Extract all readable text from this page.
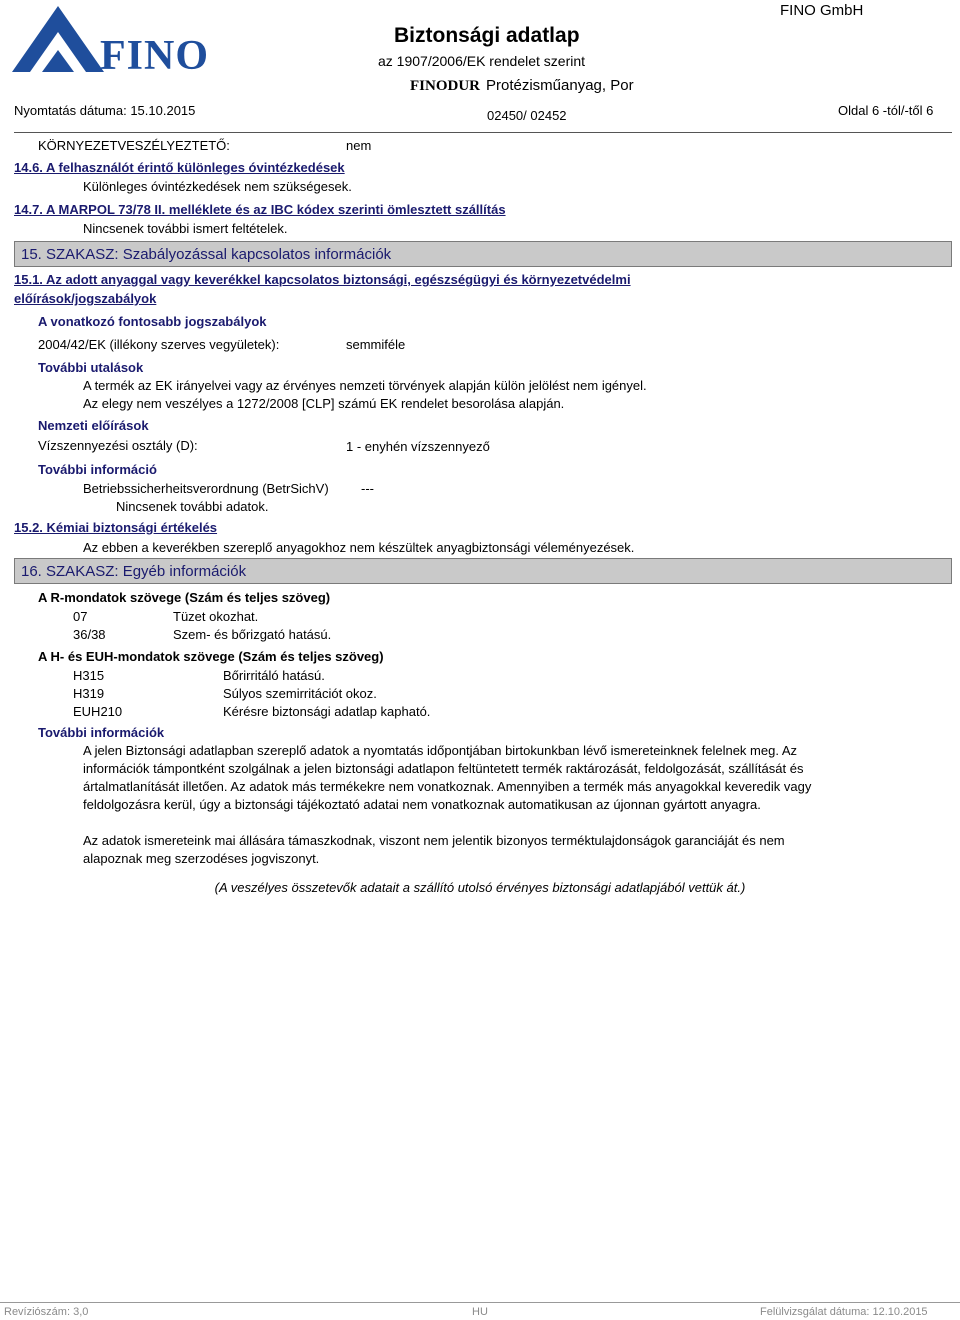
FINO	Biztonsági adatlap
az 1907/2006/EK rendelet szerint
FINO GmbH
FINODUR Protézisműanyag, Por
Nyomtatás dátuma: 15.10.2015	02450/ 02452	Oldal 6 -tól/-től 6
KÖRNYEZETVESZÉLYEZTETŐ:	nem
14.6. A felhasználót érintő különleges óvintézkedések
Különleges óvintézkedések nem szükségesek.
14.7. A MARPOL 73/78 II. melléklete és az IBC kódex szerinti ömlesztett szállítás
Nincsenek további ismert feltételek.
15. SZAKASZ: Szabályozással kapcsolatos információk
15.1. Az adott anyaggal vagy keverékkel kapcsolatos biztonsági, egészségügyi és környezetvédelmi
előírások/jogszabályok
A vonatkozó fontosabb jogszabályok
2004/42/EK (illékony szerves vegyületek):	semmiféle
További utalások
A termék az EK irányelvei vagy az érvényes nemzeti törvények alapján külön jelölést nem igényel.
Az elegy nem veszélyes a 1272/2008 [CLP] számú EK rendelet besorolása alapján.
Nemzeti előírások
Vízszennyezési osztály (D):	1 - enyhén vízszennyező
További információ
Betriebssicherheitsverordnung (BetrSichV) ---
Nincsenek további adatok.
15.2. Kémiai biztonsági értékelés
Az ebben a keverékben szereplő anyagokhoz nem készültek anyagbiztonsági véleményezések.
16. SZAKASZ: Egyéb információk
A R-mondatok szövege (Szám és teljes szöveg)
07	Tüzet okozhat.
36/38	Szem- és bőrizgató hatású.
A H- és EUH-mondatok szövege (Szám és teljes szöveg)
H315	Bőrirritáló hatású.
H319	Súlyos szemirritációt okoz.
EUH210	Kérésre biztonsági adatlap kapható.
További információk
A jelen Biztonsági adatlapban szereplő adatok a nyomtatás időpontjában birtokunkban lévő ismereteinknek felelnek meg. Az információk támpontként szolgálnak a jelen biztonsági adatlapon feltüntetett termék raktározását, feldolgozását, szállítását és ártalmatlanítását illetően. Az adatok más termékekre nem vonatkoznak. Amennyiben a termék más anyagokkal keveredik vagy feldolgozásra kerül, úgy a biztonsági tájékoztató adatai nem vonatkoznak automatikusan az újonnan gyártott anyagra.
Az adatok ismereteink mai állására támaszkodnak, viszont nem jelentik bizonyos terméktulajdonságok garanciáját és nem alapoznak meg szerzodéses jogviszonyt.
(A veszélyes összetevők adatait a szállító utolsó érvényes biztonsági adatlapjából vettük át.)
Revíziószám: 3,0	HU	Felülvizsgálat dátuma: 12.10.2015
